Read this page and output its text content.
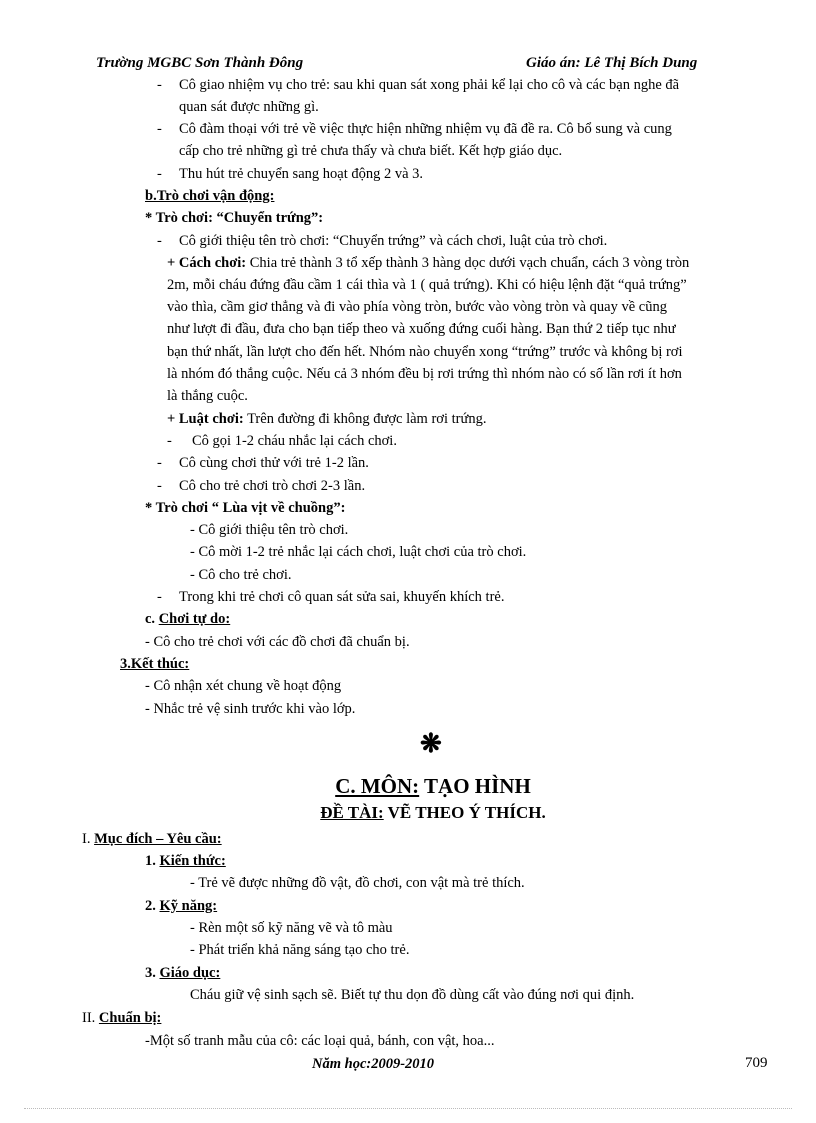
Trường MGBC Sơn Thành Đông	Giáo án: Lê Thị Bích Dung
- Cô giao nhiệm vụ cho trẻ: sau khi quan sát xong phải kể lại cho cô và các bạn nghe đã
quan sát được những gì.
- Cô đàm thoại với trẻ về việc thực hiện những nhiệm vụ đã đề ra. Cô bổ sung và cung
cấp cho trẻ những gì trẻ chưa thấy và chưa biết. Kết hợp giáo dục.
- Thu hút trẻ chuyển sang hoạt động 2 và 3.
b.Trò chơi vận động:
* Trò chơi: “Chuyển trứng”:
- Cô giới thiệu tên trò chơi: “Chuyển trứng” và cách chơi, luật của trò chơi.
+ Cách chơi: Chia trẻ thành 3 tổ xếp thành 3 hàng dọc dưới vạch chuẩn, cách 3 vòng tròn
2m, mỗi cháu đứng đầu cầm 1 cái thìa và 1 ( quả trứng). Khi có hiệu lệnh đặt “quả trứng”
vào thìa, cầm giơ thẳng và đi vào phía vòng tròn, bước vào vòng tròn và quay về cũng
như lượt đi đầu, đưa cho bạn tiếp theo và xuống đứng cuối hàng. Bạn thứ 2 tiếp tục như
bạn thứ nhất, lần lượt cho đến hết. Nhóm nào chuyển xong “trứng” trước và không bị rơi
là nhóm đó thắng cuộc. Nếu cả 3 nhóm đều bị rơi trứng thì nhóm nào có số lần rơi ít hơn
là thắng cuộc.
+ Luật chơi: Trên đường đi không được làm rơi trứng.
- Cô gọi 1-2 cháu nhắc lại cách chơi.
- Cô cùng chơi thử với trẻ 1-2 lần.
- Cô cho trẻ chơi trò chơi 2-3 lần.
* Trò chơi “ Lùa vịt về chuồng”:
- Cô giới thiệu tên trò chơi.
- Cô mời 1-2 trẻ nhắc lại cách chơi, luật chơi của trò chơi.
- Cô cho trẻ chơi.
- Trong khi trẻ chơi cô quan sát sửa sai, khuyến khích trẻ.
c. Chơi tự do:
- Cô cho trẻ chơi với các đồ chơi đã chuẩn bị.
3.Kết thúc:
- Cô nhận xét chung về hoạt động
- Nhắc trẻ vệ sinh trước khi vào lớp.
❋
C. MÔN: TẠO HÌNH
ĐỀ TÀI: VẼ THEO Ý THÍCH.
I. Mục đích – Yêu cầu:
1. Kiến thức:
- Trẻ vẽ được những đồ vật, đồ chơi, con vật mà trẻ thích.
2. Kỹ năng:
- Rèn một số kỹ năng vẽ và tô màu
- Phát triển khả năng sáng tạo cho trẻ.
3. Giáo dục:
Cháu giữ vệ sinh sạch sẽ. Biết tự thu dọn đồ dùng cất vào đúng nơi qui định.
II. Chuẩn bị:
-Một số tranh mẫu của cô: các loại quả, bánh, con vật, hoa...
Năm học:2009-2010	709
